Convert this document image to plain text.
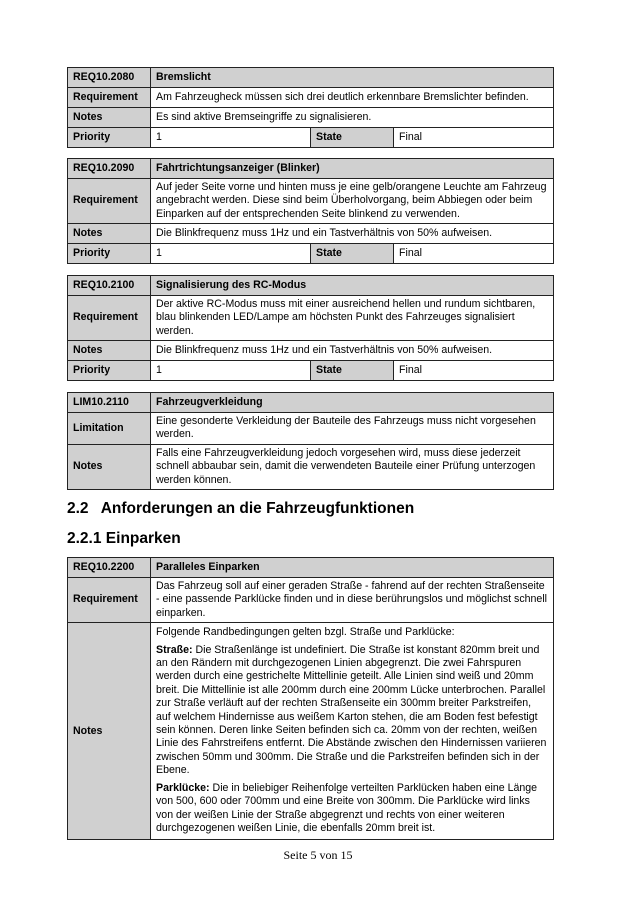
REQ10.2080	Bremslicht		
Requirement	Am Fahrzeugheck müssen sich drei deutlich erkennbare Bremslichter befinden.		
Notes	Es sind aktive Bremseingriffe zu signalisieren.		
Priority	1	State	Final
REQ10.2090	Fahrtrichtungsanzeiger (Blinker)		
Requirement	Auf jeder Seite vorne und hinten muss je eine gelb/orangene Leuchte am Fahrzeug angebracht werden. Diese sind beim Überholvorgang, beim Abbiegen oder beim Einparken auf der entsprechenden Seite blinkend zu verwenden.		
Notes	Die Blinkfrequenz muss 1Hz und ein Tastverhältnis von 50% aufweisen.		
Priority	1	State	Final
REQ10.2100	Signalisierung des RC-Modus		
Requirement	Der aktive RC-Modus muss mit einer ausreichend hellen und rundum sichtbaren, blau blinkenden LED/Lampe am höchsten Punkt des Fahrzeuges signalisiert werden.		
Notes	Die Blinkfrequenz muss 1Hz und ein Tastverhältnis von 50% aufweisen.		
Priority	1	State	Final
LIM10.2110	Fahrzeugverkleidung
Limitation	Eine gesonderte Verkleidung der Bauteile des Fahrzeugs muss nicht vorgesehen werden.
Notes	Falls eine Fahrzeugverkleidung jedoch vorgesehen wird, muss diese jederzeit schnell abbaubar sein, damit die verwendeten Bauteile einer Prüfung unterzogen werden können.
2.2 Anforderungen an die Fahrzeugfunktionen
2.2.1 Einparken
REQ10.2200	Paralleles Einparken
Requirement	Das Fahrzeug soll auf einer geraden Straße - fahrend auf der rechten Straßenseite - eine passende Parklücke finden und in diese berührungslos und möglichst schnell einparken.
Notes	Folgende Randbedingungen gelten bzgl. Straße und Parklücke:

Straße: Die Straßenlänge ist undefiniert. Die Straße ist konstant 820mm breit und an den Rändern mit durchgezogenen Linien abgegrenzt. Die zwei Fahrspuren werden durch eine gestrichelte Mittellinie geteilt. Alle Linien sind weiß und 20mm breit. Die Mittellinie ist alle 200mm durch eine 200mm Lücke unterbrochen. Parallel zur Straße verläuft auf der rechten Straßenseite ein 300mm breiter Parkstreifen, auf welchem Hindernisse aus weißem Karton stehen, die am Boden fest befestigt sein können. Deren linke Seiten befinden sich ca. 20mm von der rechten, weißen Linie des Fahrstreifens entfernt. Die Abstände zwischen den Hindernissen variieren zwischen 50mm und 300mm. Die Straße und die Parkstreifen befinden sich in der Ebene.

Parklücke: Die in beliebiger Reihenfolge verteilten Parklücken haben eine Länge von 500, 600 oder 700mm und eine Breite von 300mm. Die Parklücke wird links von der weißen Linie der Straße abgegrenzt und rechts von einer weiteren durchgezogenen weißen Linie, die ebenfalls 20mm breit ist.

Seite 5 von 15
